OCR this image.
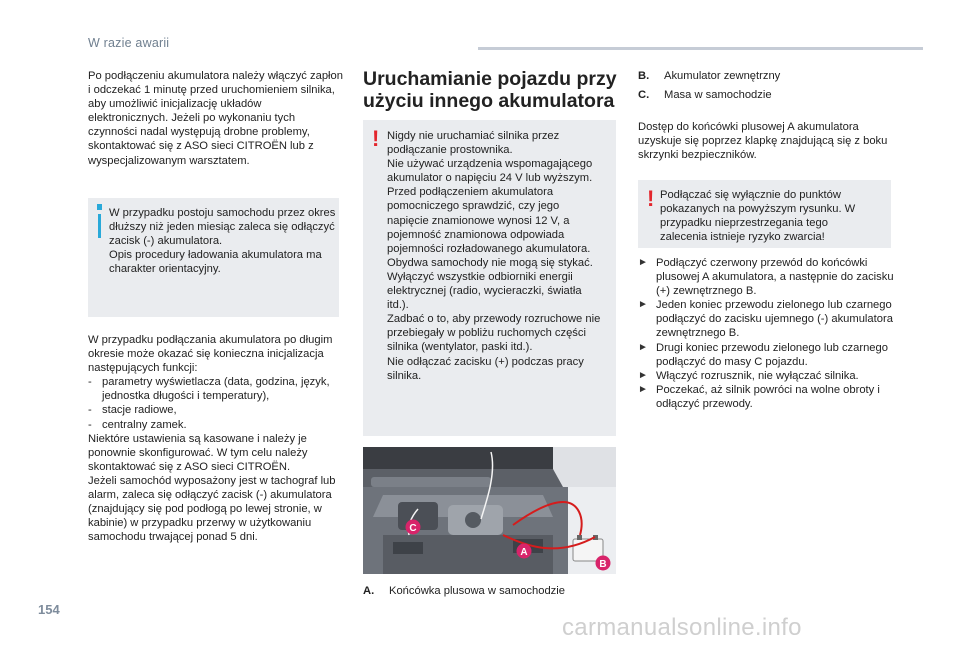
W razie awarii

Po podłączeniu akumulatora należy włączyć zapłon i odczekać 1 minutę przed uruchomieniem silnika, aby umożliwić inicjalizację układów elektronicznych. Jeżeli po wykonaniu tych czynności nadal występują drobne problemy, skontaktować się z ASO sieci CITROËN lub z wyspecjalizowanym warsztatem.

W przypadku postoju samochodu przez okres dłuższy niż jeden miesiąc zaleca się odłączyć zacisk (-) akumulatora.

Opis procedury ładowania akumulatora ma charakter orientacyjny.

W przypadku podłączania akumulatora po długim okresie może okazać się konieczna inicjalizacja następujących funkcji:

- parametry wyświetlacza (data, godzina, język, jednostka długości i temperatury),
- stacje radiowe,
- centralny zamek.

Niektóre ustawienia są kasowane i należy je ponownie skonfigurować. W tym celu należy skontaktować się z ASO sieci CITROËN.

Jeżeli samochód wyposażony jest w tachograf lub alarm, zaleca się odłączyć zacisk (-) akumulatora (znajdujący się pod podłogą po lewej stronie, w kabinie) w przypadku przerwy w użytkowaniu samochodu trwającej ponad 5 dni.

Uruchamianie pojazdu przy
użyciu innego akumulatora
! Nigdy nie uruchamiać silnika przez podłączanie prostownika.

Nie używać urządzenia wspomagającego akumulator o napięciu 24 V lub wyższym.

Przed podłączeniem akumulatora pomocniczego sprawdzić, czy jego napięcie znamionowe wynosi 12 V, a pojemność znamionowa odpowiada pojemności rozładowanego akumulatora.

Obydwa samochody nie mogą się stykać.

Wyłączyć wszystkie odbiorniki energii elektrycznej (radio, wycieraczki, światła itd.).

Zadbać o to, aby przewody rozruchowe nie przebiegały w pobliżu ruchomych części silnika (wentylator, paski itd.).

Nie odłączać zacisku (+) podczas pracy silnika.

C
A
B
A. Końcówka plusowa w samochodzie
B. Akumulator zewnętrzny
C. Masa w samochodzie

Dostęp do końcówki plusowej A akumulatora uzyskuje się poprzez klapkę znajdującą się z boku skrzynki bezpieczników.

! Podłączać się wyłącznie do punktów pokazanych na powyższym rysunku. W przypadku nieprzestrzegania tego zalecenia istnieje ryzyko zwarcia!
► Podłączyć czerwony przewód do końcówki plusowej A akumulatora, a następnie do zacisku (+) zewnętrznego B.
► Jeden koniec przewodu zielonego lub czarnego podłączyć do zacisku ujemnego (-) akumulatora zewnętrznego B.
► Drugi koniec przewodu zielonego lub czarnego podłączyć do masy C pojazdu.
► Włączyć rozrusznik, nie wyłączać silnika.
► Poczekać, aż silnik powróci na wolne obroty i odłączyć przewody.
154
carmanualsonline.info
